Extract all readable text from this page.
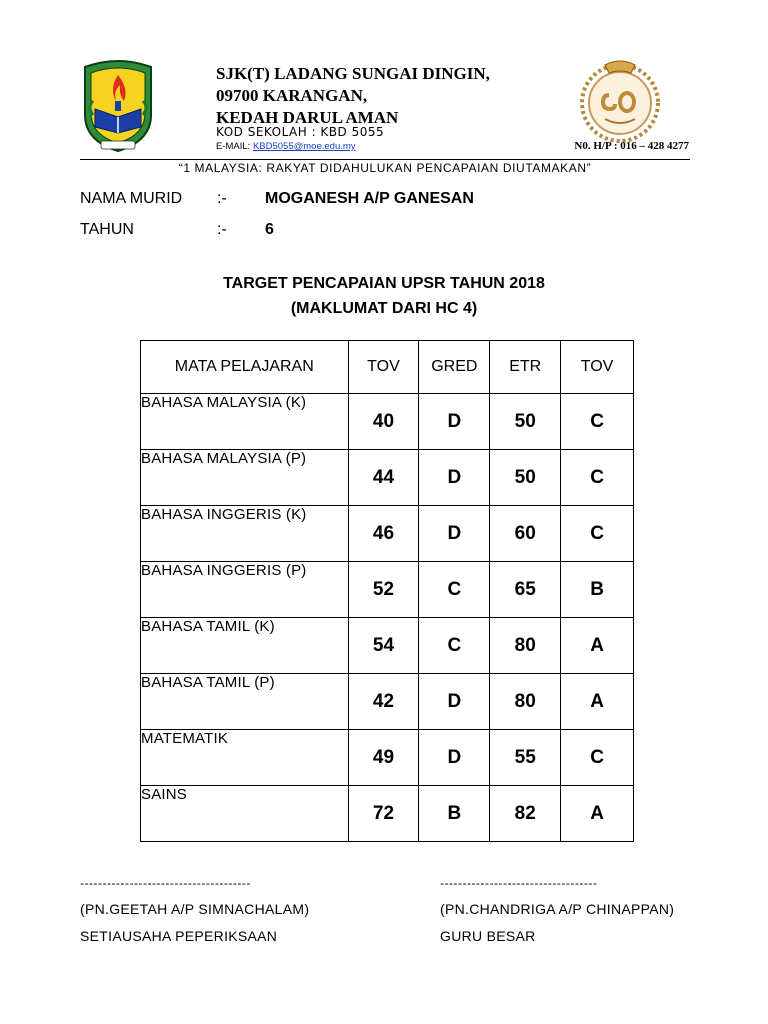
SJK(T) LADANG SUNGAI DINGIN,
09700 KARANGAN,
KEDAH DARUL AMAN
KOD SEKOLAH : KBD 5055
E-MAIL: KBD5055@moe.edu.my	N0. H/P : 016 – 428 4277
“1 MALAYSIA: RAKYAT DIDAHULUKAN PENCAPAIAN DIUTAMAKAN”
NAMA MURID :- MOGANESH A/P GANESAN
TAHUN	:- 6
TARGET PENCAPAIAN UPSR TAHUN 2018
(MAKLUMAT DARI HC 4)
MATA PELAJARAN	TOV	GRED	ETR	TOV
BAHASA MALAYSIA (K)	40	D	50	C
BAHASA MALAYSIA (P)	44	D	50	C
BAHASA INGGERIS (K)	46	D	60	C
BAHASA INGGERIS (P)	52	C	65	B
BAHASA TAMIL (K)	54	C	80	A
BAHASA TAMIL (P)	42	D	80	A
MATEMATIK	49	D	55	C
SAINS	72	B	82	A
--------------------------------------
(PN.GEETAH A/P SIMNACHALAM)
SETIAUSAHA PEPERIKSAAN
-----------------------------------
(PN.CHANDRIGA A/P CHINAPPAN)
GURU BESAR
